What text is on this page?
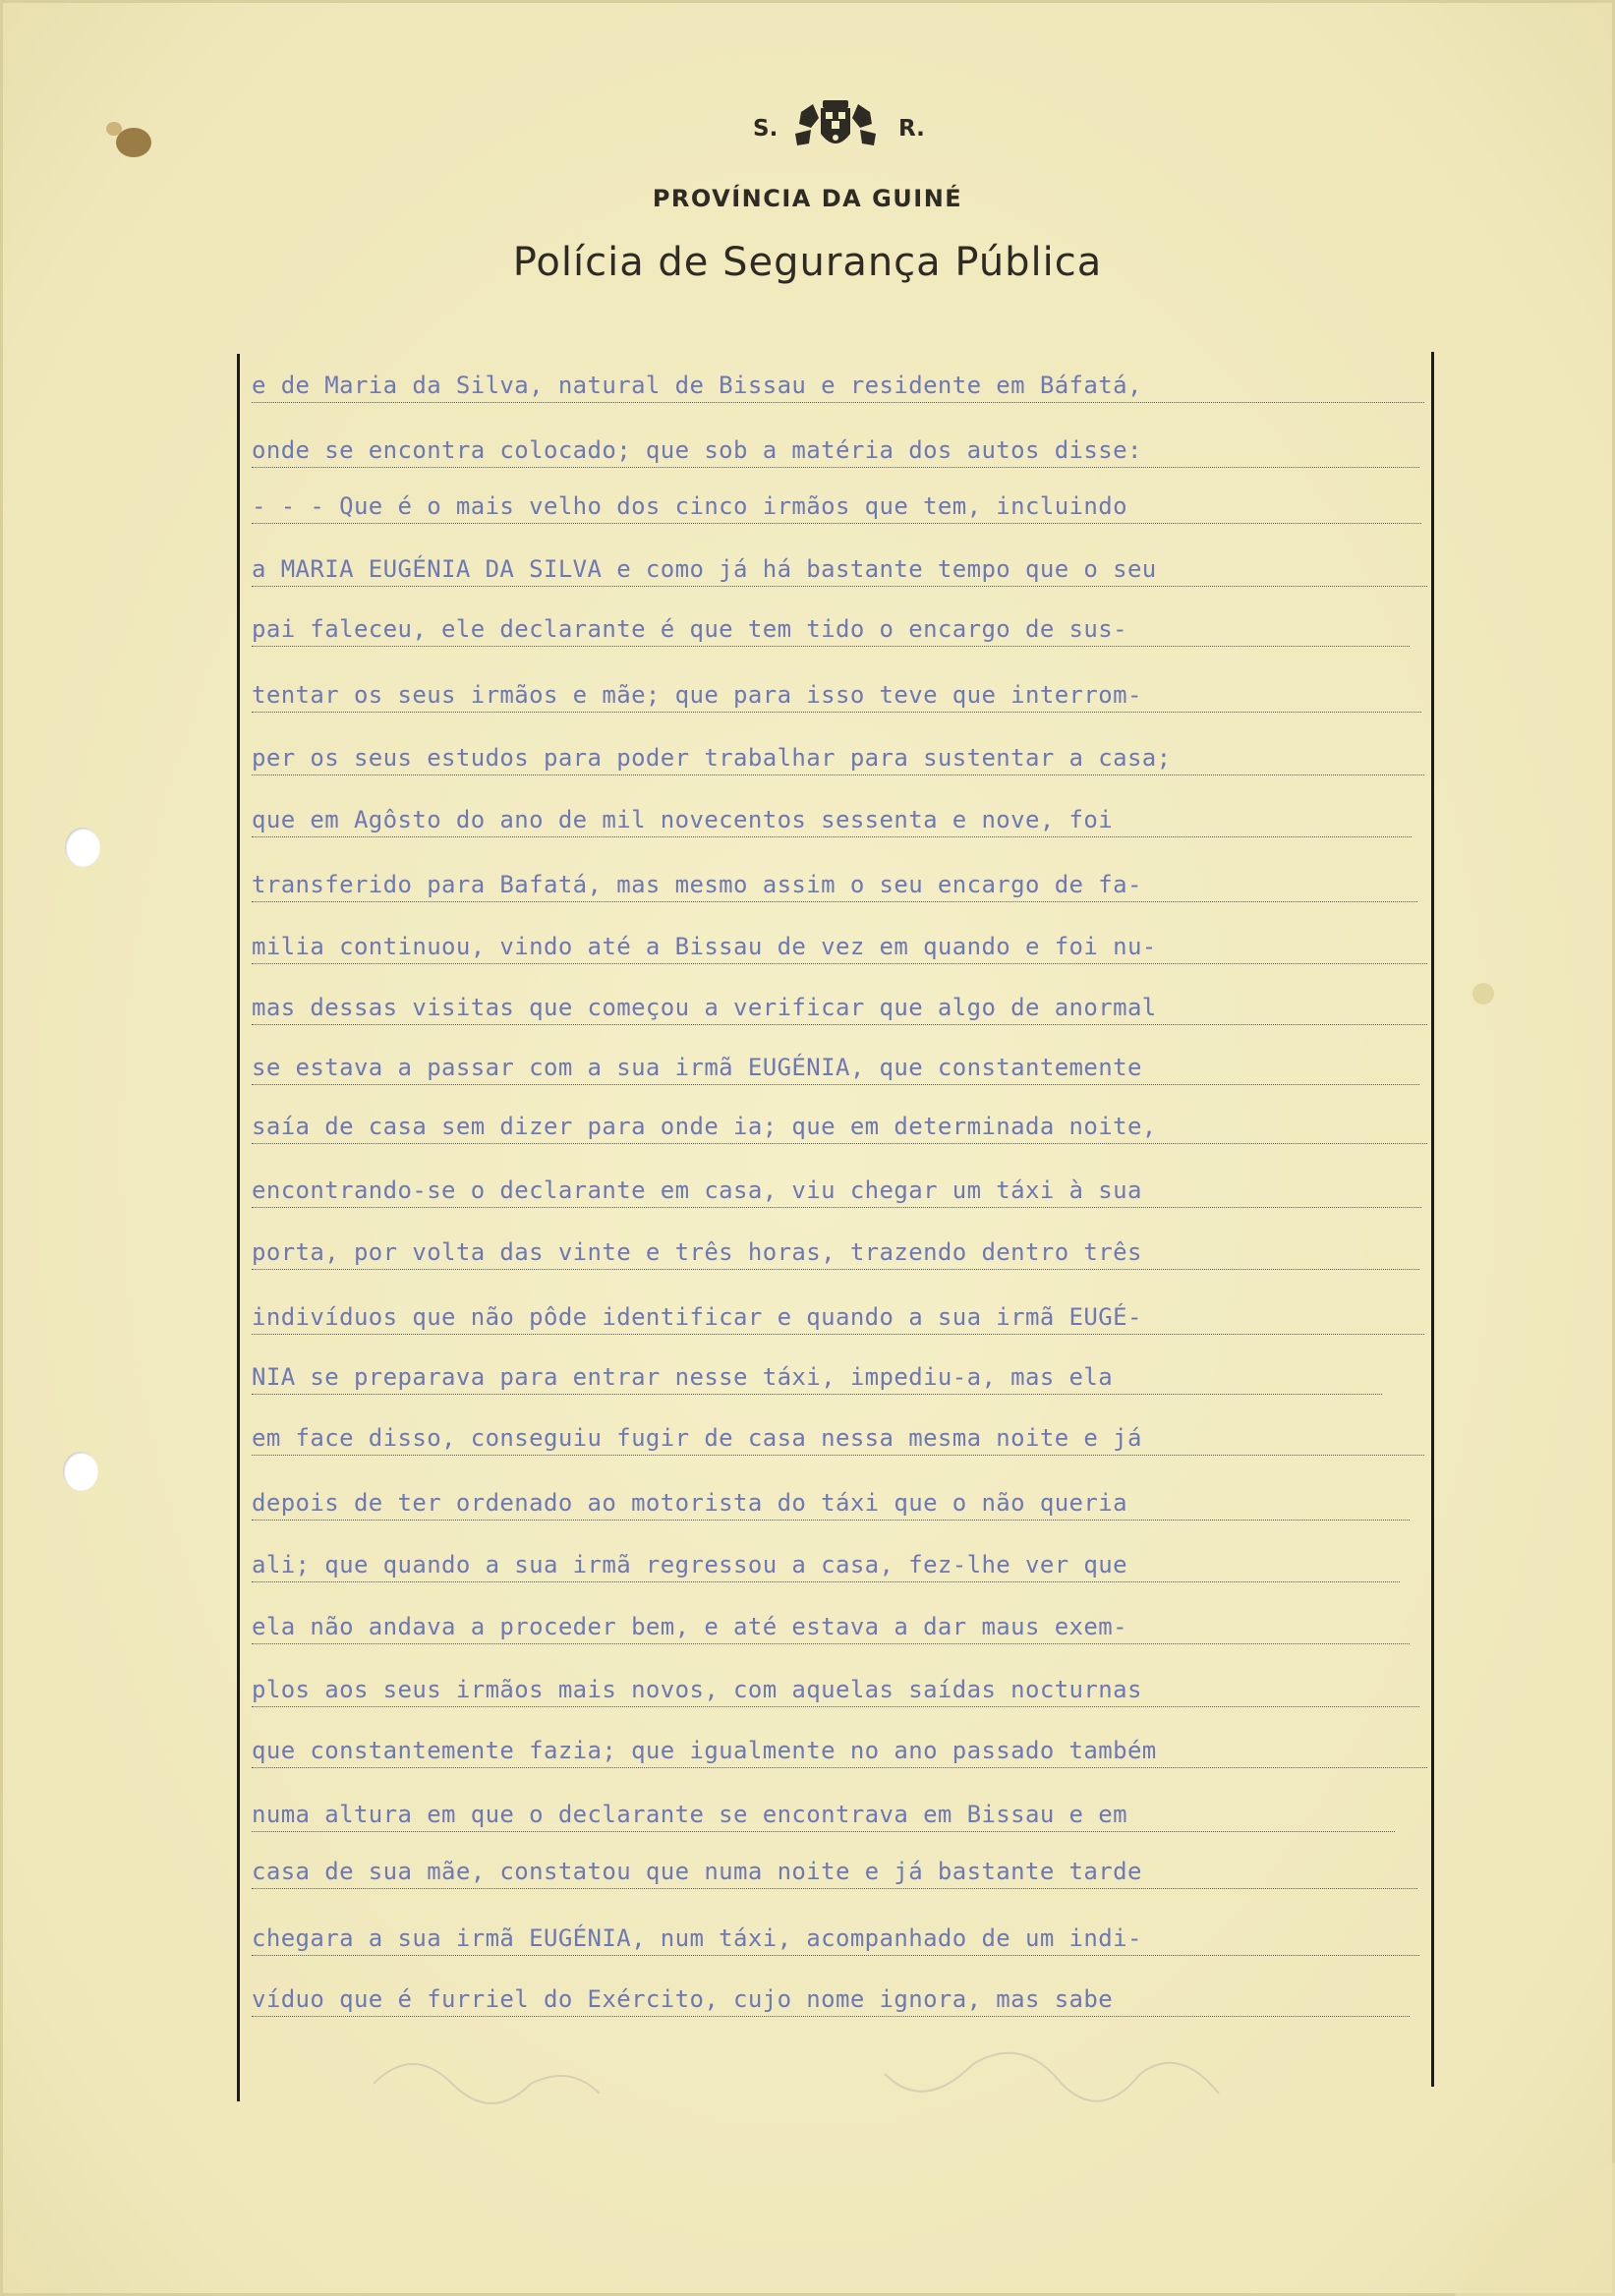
S.	R.
PROVÍNCIA DA GUINÉ
Polícia de Segurança Pública
e de Maria da Silva, natural de Bissau e residente em Báfatá,
onde se encontra colocado; que sob a matéria dos autos disse:
- - - Que é o mais velho dos cinco irmãos que tem, incluindo
a MARIA EUGÉNIA DA SILVA e como já há bastante tempo que o seu
pai faleceu, ele declarante é que tem tido o encargo de sus-
tentar os seus irmãos e mãe; que para isso teve que interrom-
per os seus estudos para poder trabalhar para sustentar a casa;
que em Agôsto do ano de mil novecentos sessenta e nove, foi
transferido para Bafatá, mas mesmo assim o seu encargo de fa-
milia continuou, vindo até a Bissau de vez em quando e foi nu-
mas dessas visitas que começou a verificar que algo de anormal
se estava a passar com a sua irmã EUGÉNIA, que constantemente
saía de casa sem dizer para onde ia; que em determinada noite,
encontrando-se o declarante em casa, viu chegar um táxi à sua
porta, por volta das vinte e três horas, trazendo dentro três
indivíduos que não pôde identificar e quando a sua irmã EUGÉ-
NIA se preparava para entrar nesse táxi, impediu-a, mas ela
em face disso, conseguiu fugir de casa nessa mesma noite e já
depois de ter ordenado ao motorista do táxi que o não queria
ali; que quando a sua irmã regressou a casa, fez-lhe ver que
ela não andava a proceder bem, e até estava a dar maus exem-
plos aos seus irmãos mais novos, com aquelas saídas nocturnas
que constantemente fazia; que igualmente no ano passado também
numa altura em que o declarante se encontrava em Bissau e em
casa de sua mãe, constatou que numa noite e já bastante tarde
chegara a sua irmã EUGÉNIA, num táxi, acompanhado de um indi-
víduo que é furriel do Exército, cujo nome ignora, mas sabe
